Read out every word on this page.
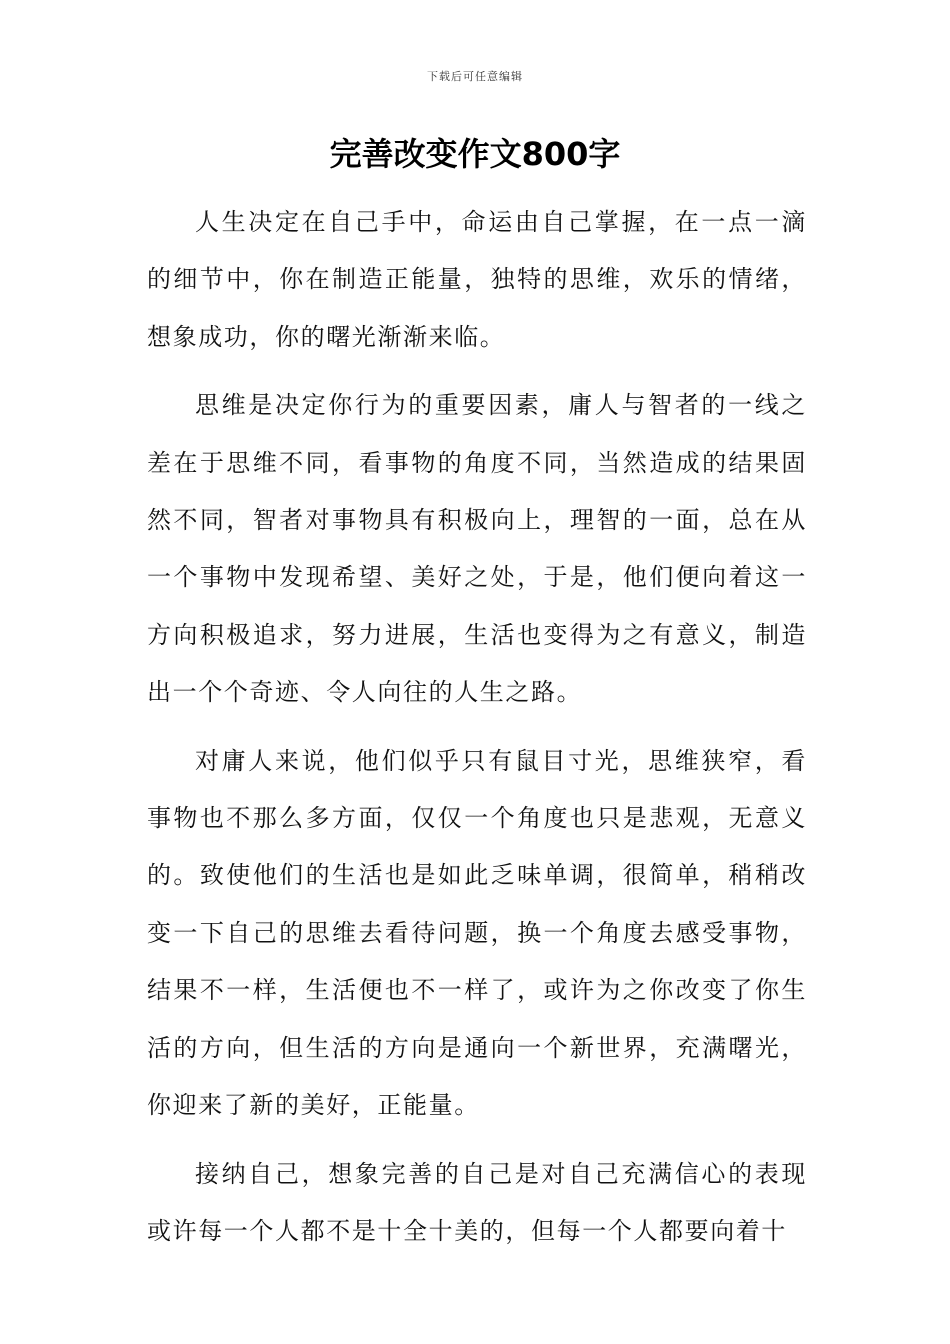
下载后可任意编辑
完善改变作文800字

人生决定在自己手中，命运由自己掌握，在一点一滴的细节中，你在制造正能量，独特的思维，欢乐的情绪，想象成功，你的曙光渐渐来临。

思维是决定你行为的重要因素，庸人与智者的一线之差在于思维不同，看事物的角度不同，当然造成的结果固然不同，智者对事物具有积极向上，理智的一面，总在从一个事物中发现希望、美好之处，于是，他们便向着这一方向积极追求，努力进展，生活也变得为之有意义，制造出一个个奇迹、令人向往的人生之路。

对庸人来说，他们似乎只有鼠目寸光，思维狭窄，看事物也不那么多方面，仅仅一个角度也只是悲观，无意义的。致使他们的生活也是如此乏味单调，很简单，稍稍改变一下自己的思维去看待问题，换一个角度去感受事物，结果不一样，生活便也不一样了，或许为之你改变了你生活的方向，但生活的方向是通向一个新世界，充满曙光，你迎来了新的美好，正能量。

接纳自己，想象完善的自己是对自己充满信心的表现或许每一个人都不是十全十美的，但每一个人都要向着十
